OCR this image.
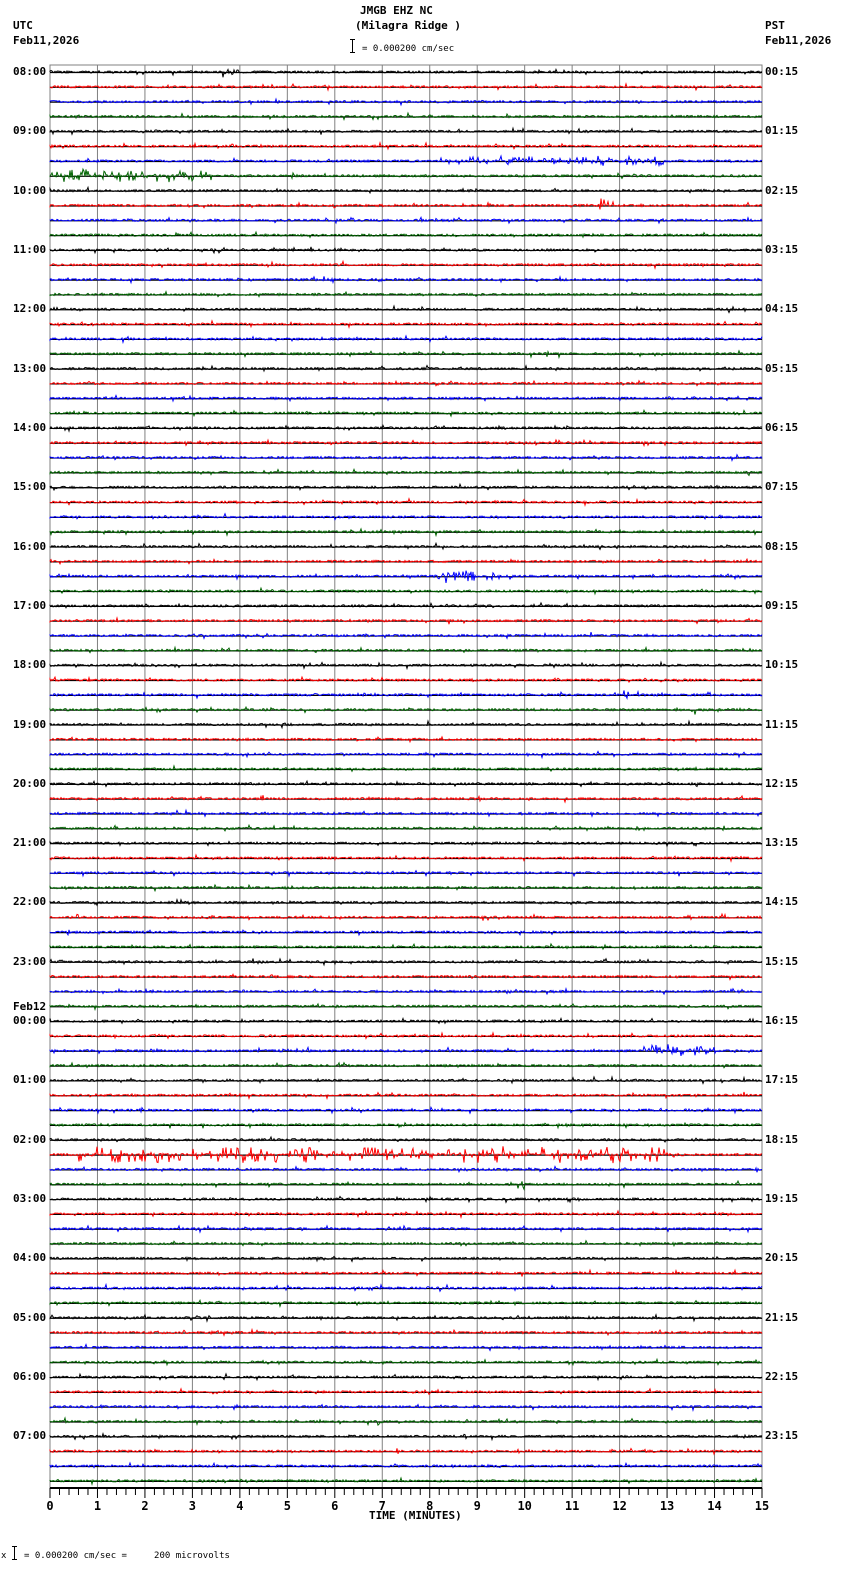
JMGB EHZ NC
(Milagra Ridge )
UTC
Feb11,2026
PST
Feb11,2026
= 0.000200 cm/sec
0	1	2	3	4	5	6	7	8	9	10	11	12	13	14	15
08:00
09:00
10:00
11:00
12:00
13:00
14:00
15:00
16:00
17:00
18:00
19:00
20:00
21:00
22:00
23:00
00:00
Feb12
01:00
02:00
03:00
04:00
05:00
06:00
07:00
00:15
01:15
02:15
03:15
04:15
05:15
06:15
07:15
08:15
09:15
10:15
11:15
12:15
13:15
14:15
15:15
16:15
17:15
18:15
19:15
20:15
21:15
22:15
23:15
TIME (MINUTES)
x = 0.000200 cm/sec =     200 microvolts
